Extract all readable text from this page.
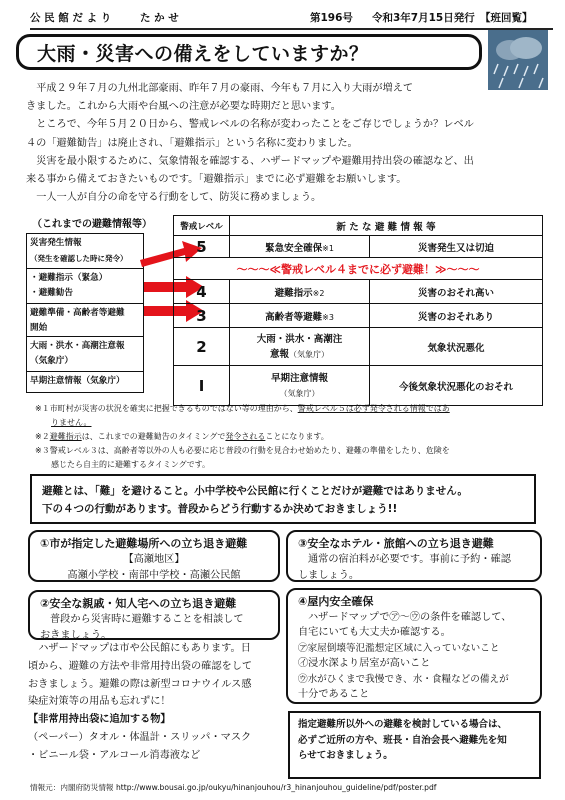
公 民 館 だ よ り	た か せ	第196号	令和3年7月15日発行 【班回覧】
大雨・災害への備えをしていますか？

平成２９年７月の九州北部豪雨、昨年７月の豪雨、今年も７月に入り大雨が増えて

きました。これから大雨や台風への注意が必要な時期だと思います。

ところで、今年５月２０日から、警戒レベルの名称が変わったことをご存じでしょうか？レベル

４の「避難勧告」は廃止され、「避難指示」という名称に変わりました。

災害を最小限するために、気象情報を確認する、ハザードマップや避難用持出袋の確認など、出

来る事から備えておきたいものです。「避難指示」までに必ず避難をお願いします。

一人一人が自分の命を守る行動をして、防災に務めましょう。

（これまでの避難情報等）
災害発生情報
（発生を確認した時に発令）
・避難指示（緊急）
・避難勧告
避難準備・高齢者等避難
開始
大雨・洪水・高潮注意報
（気象庁）
早期注意情報（気象庁）
警戒レベル	新 た な 避 難 情 報 等	
5	緊急安全確保※1	災害発生又は切迫
～～～≪警戒レベル４までに必ず避難！≫～～～		
4	避難指示※2	災害のおそれ高い
3	高齢者等避難※3	災害のおそれあり
2	大雨・洪水・高潮注
意報（気象庁）	気象状況悪化
Ⅰ	早期注意情報
（気象庁）	今後気象状況悪化のおそれ
※１市町村が災害の状況を確実に把握できるものではない等の理由から、警戒レベル５は必ず発令される情報ではあ
りません。
※２避難指示は、これまでの避難勧告のタイミングで発令されることになります。
※３警戒レベル３は、高齢者等以外の人も必要に応じ普段の行動を見合わせ始めたり、避難の準備をしたり、危険を
感じたら自主的に避難するタイミングです。
避難とは、「難」を避けること。小中学校や公民館に行くことだけが避難ではありません。
下の４つの行動があります。普段からどう行動するか決めておきましょう!!
①市が指定した避難場所への立ち退き避難
【高瀬地区】
高瀬小学校・南部中学校・高瀬公民館
②安全な親戚・知人宅への立ち退き避難
普段から災害時に避難することを相談して
おきましょう。
③安全なホテル・旅館への立ち退き避難
通常の宿泊料が必要です。事前に予約・確認
しましょう。
④屋内安全確保
ハザードマップで㋐～㋒の条件を確認して、
自宅にいても大丈夫か確認する。
㋐家屋倒壊等氾濫想定区域に入っていないこと
㋑浸水深より居室が高いこと
㋒水がひくまで我慢でき、水・食糧などの備えが
十分であること
ハザードマップは市や公民館にもあります。日
頃から、避難の方法や非常用持出袋の確認をして
おきましょう。避難の際は新型コロナウイルス感
染症対策等の用品も忘れずに！
【非常用持出袋に追加する物】
（ペーパー）タオル・体温計・スリッパ・マスク
・ビニール袋・アルコール消毒液など
指定避難所以外への避難を検討している場合は、
必ずご近所の方や、班長・自治会長へ避難先を知
らせておきましょう。
情報元：内閣府防災情報 http://www.bousai.go.jp/oukyu/hinanjouhou/r3_hinanjouhou_guideline/pdf/poster.pdf
